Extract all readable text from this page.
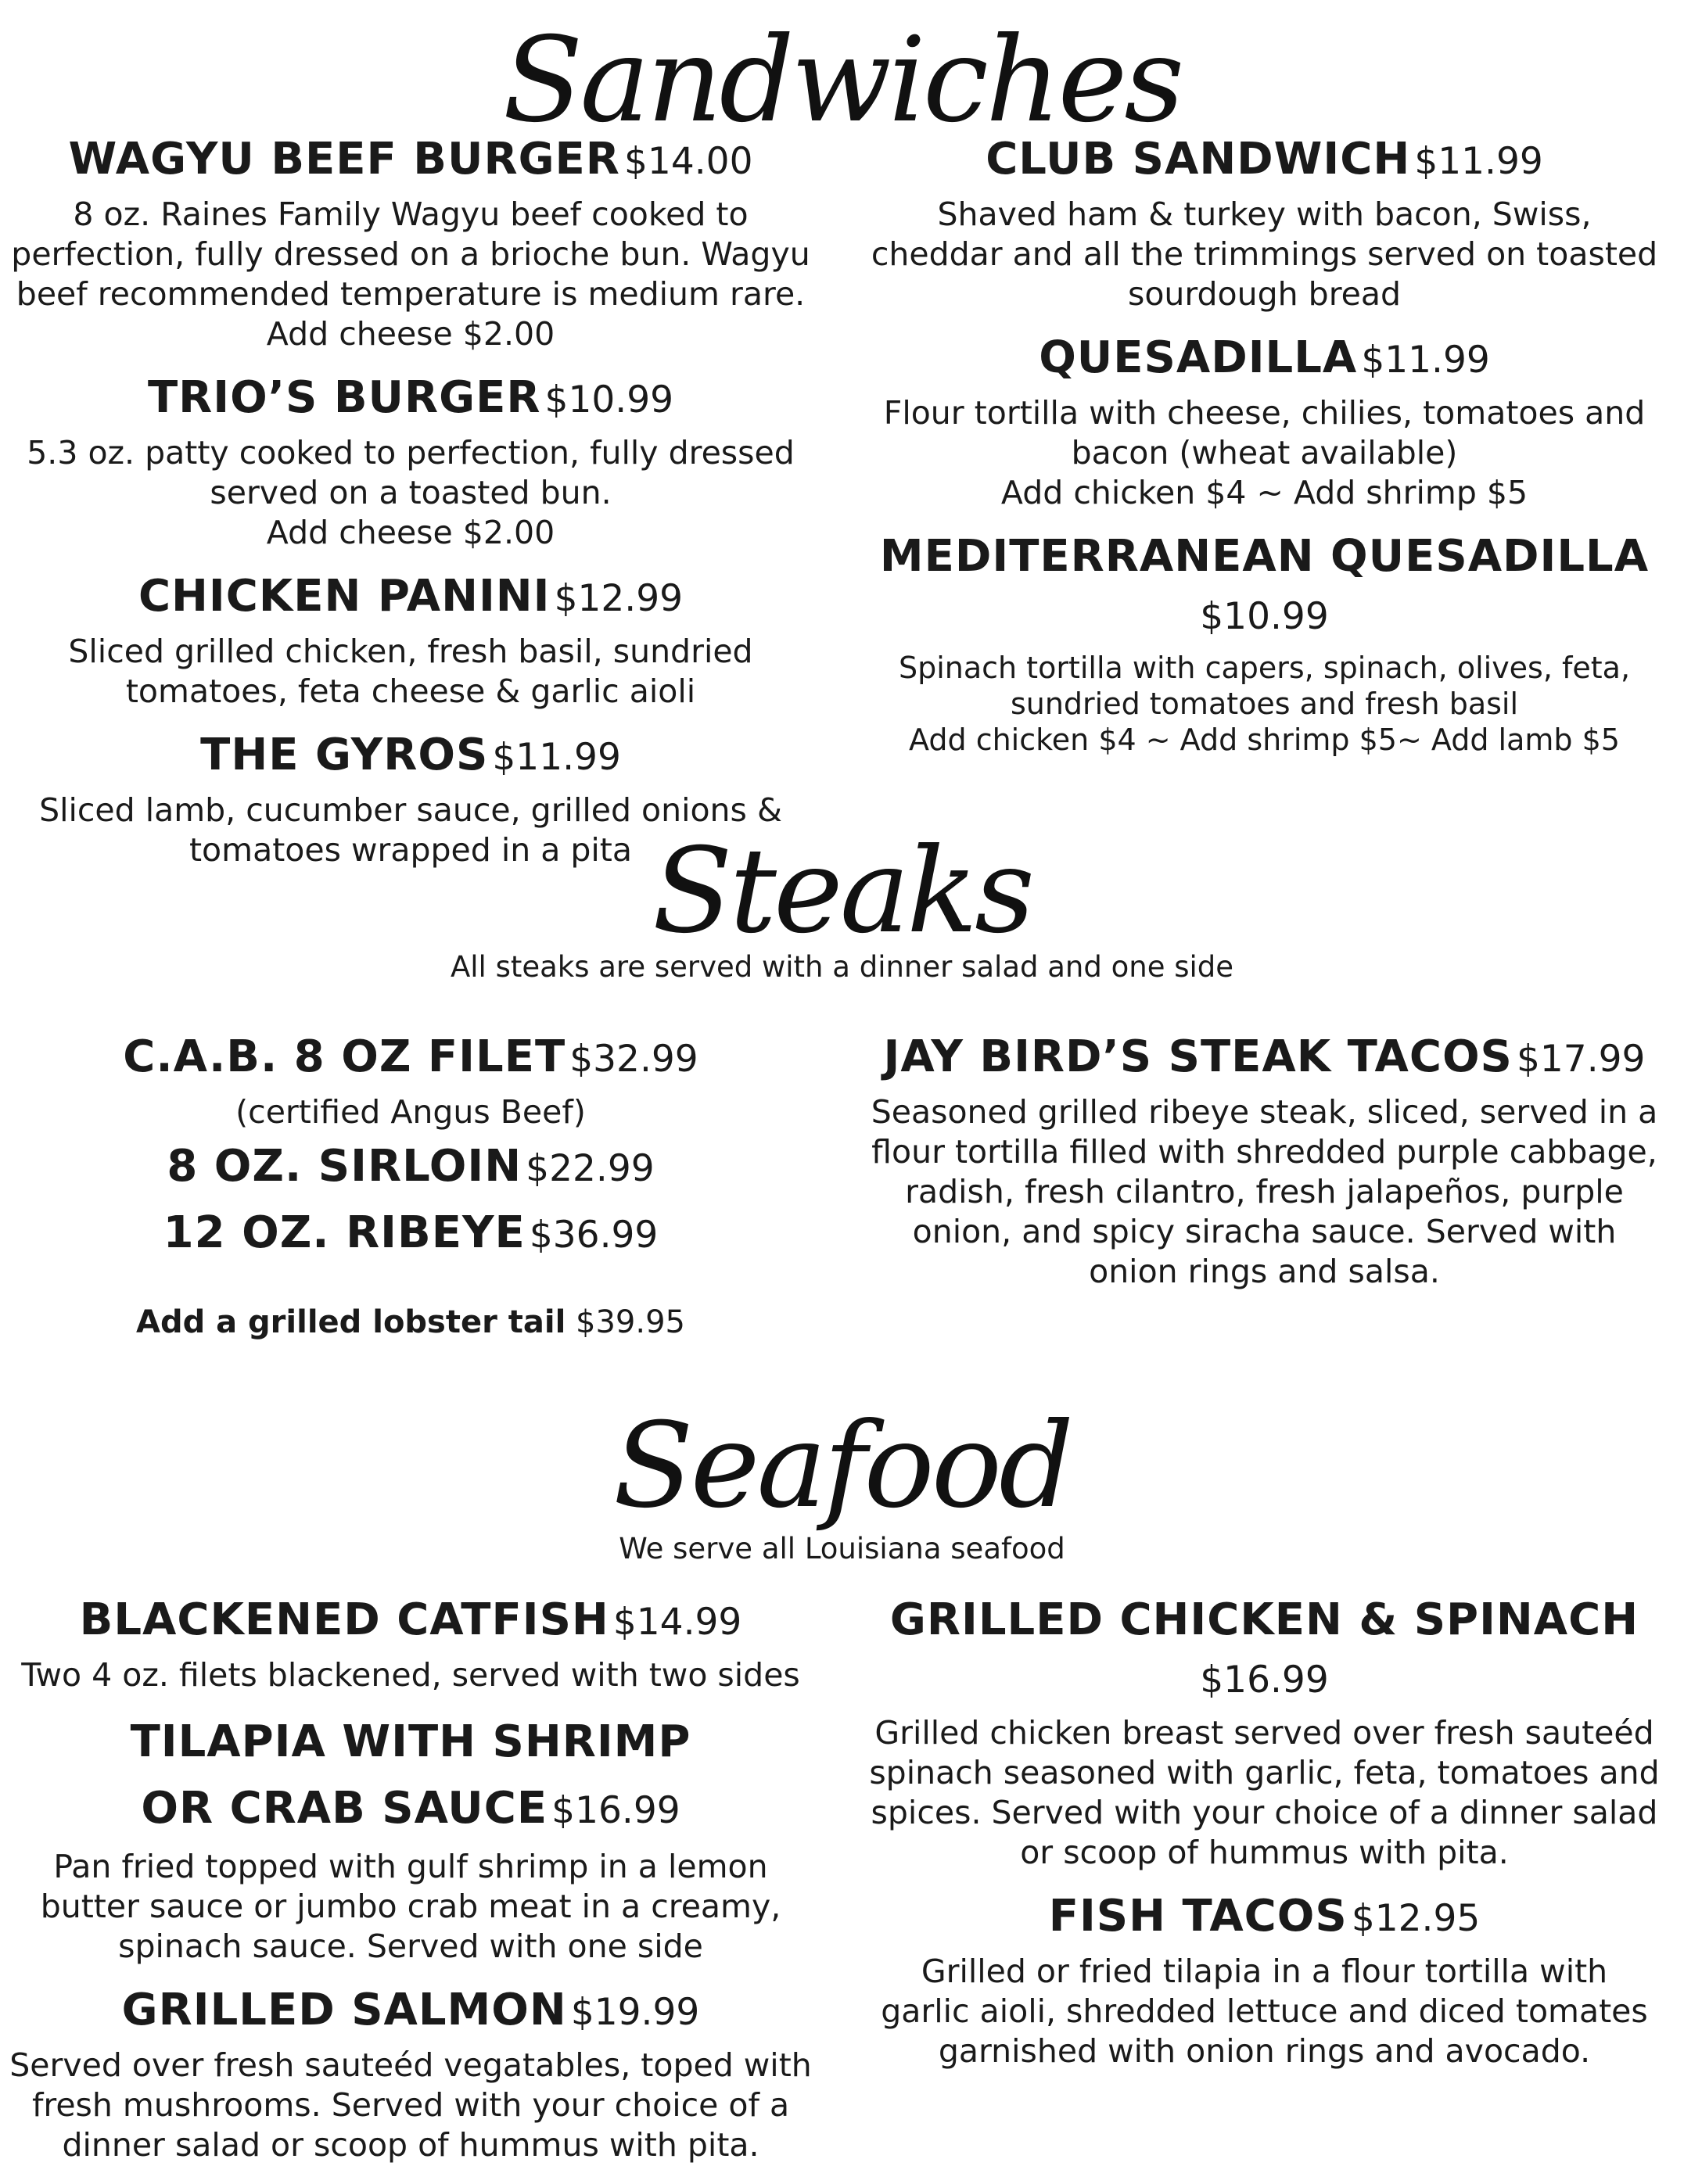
Sandwiches

WAGYU BEEF BURGER $14.00

8 oz. Raines Family Wagyu beef cooked to
perfection, fully dressed on a brioche bun. Wagyu
beef recommended temperature is medium rare.
Add cheese $2.00

TRIO’S BURGER $10.99

5.3 oz. patty cooked to perfection, fully dressed
served on a toasted bun.
Add cheese $2.00

CHICKEN PANINI $12.99

Sliced grilled chicken, fresh basil, sundried
tomatoes, feta cheese & garlic aioli

THE GYROS $11.99

Sliced lamb, cucumber sauce, grilled onions &
tomatoes wrapped in a pita

CLUB SANDWICH $11.99

Shaved ham & turkey with bacon, Swiss,
cheddar and all the trimmings served on toasted
sourdough bread

QUESADILLA $11.99

Flour tortilla with cheese, chilies, tomatoes and
bacon (wheat available)
Add chicken $4 ~ Add shrimp $5

MEDITERRANEAN QUESADILLA

$10.99

Spinach tortilla with capers, spinach, olives, feta,
sundried tomatoes and fresh basil
Add chicken $4 ~ Add shrimp $5~ Add lamb $5

Steaks

All steaks are served with a dinner salad and one side

C.A.B. 8 OZ FILET $32.99

(certified Angus Beef)

8 OZ. SIRLOIN $22.99

12 OZ. RIBEYE $36.99

Add a grilled lobster tail $39.95

JAY BIRD’S STEAK TACOS $17.99

Seasoned grilled ribeye steak, sliced, served in a
flour tortilla filled with shredded purple cabbage,
radish, fresh cilantro, fresh jalapeños, purple
onion, and spicy siracha sauce. Served with
onion rings and salsa.

Seafood

We serve all Louisiana seafood

BLACKENED CATFISH $14.99

Two 4 oz. filets blackened, served with two sides

TILAPIA WITH SHRIMP

OR CRAB SAUCE $16.99

Pan fried topped with gulf shrimp in a lemon
butter sauce or jumbo crab meat in a creamy,
spinach sauce. Served with one side

GRILLED SALMON $19.99

Served over fresh sauteéd vegatables, toped with
fresh mushrooms. Served with your choice of a
dinner salad or scoop of hummus with pita.

GRILLED CHICKEN & SPINACH

$16.99

Grilled chicken breast served over fresh sauteéd
spinach seasoned with garlic, feta, tomatoes and
spices. Served with your choice of a dinner salad
or scoop of hummus with pita.

FISH TACOS $12.95

Grilled or fried tilapia in a flour tortilla with
garlic aioli, shredded lettuce and diced tomates
garnished with onion rings and avocado.
